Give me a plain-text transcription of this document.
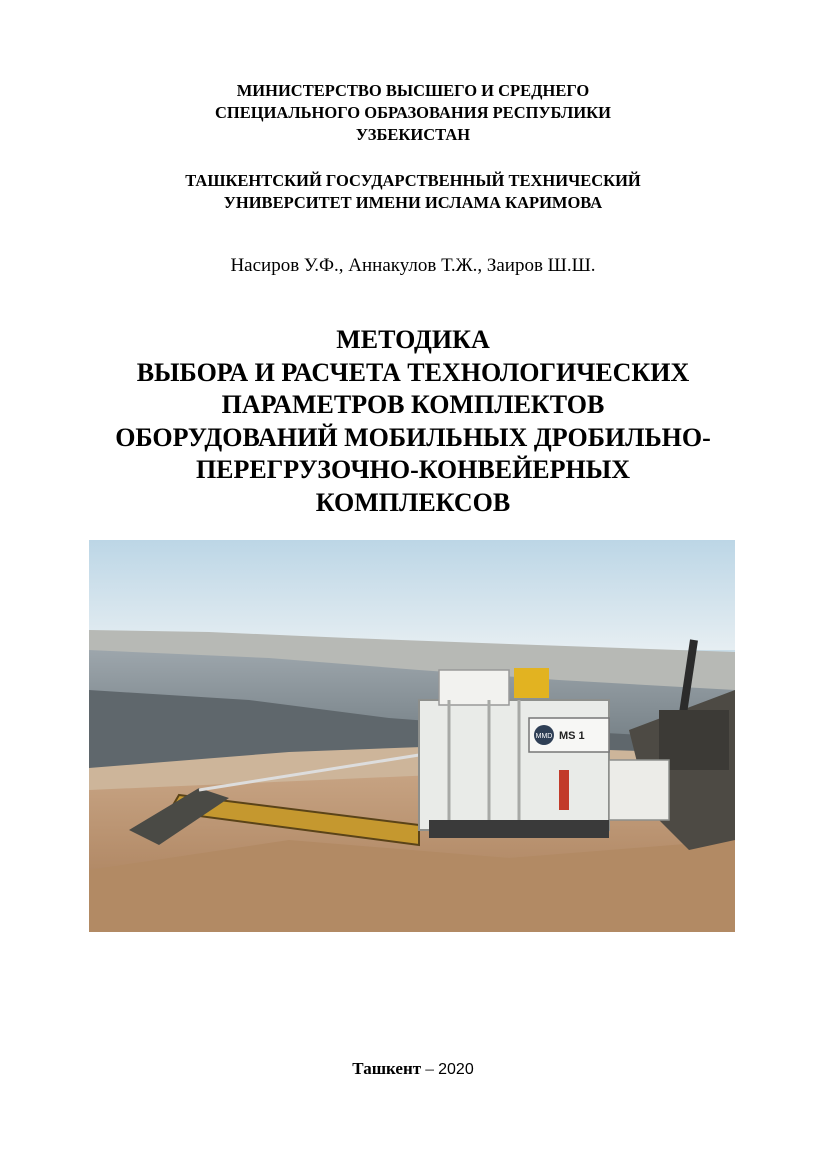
МИНИСТЕРСТВО ВЫСШЕГО И СРЕДНЕГО
СПЕЦИАЛЬНОГО ОБРАЗОВАНИЯ РЕСПУБЛИКИ
УЗБЕКИСТАН
ТАШКЕНТСКИЙ ГОСУДАРСТВЕННЫЙ ТЕХНИЧЕСКИЙ
УНИВЕРСИТЕТ ИМЕНИ ИСЛАМА КАРИМОВА
Насиров У.Ф., Аннакулов Т.Ж., Заиров Ш.Ш.
МЕТОДИКА
ВЫБОРА И РАСЧЕТА ТЕХНОЛОГИЧЕСКИХ
ПАРАМЕТРОВ КОМПЛЕКТОВ
ОБОРУДОВАНИЙ МОБИЛЬНЫХ ДРОБИЛЬНО-
ПЕРЕГРУЗОЧНО-КОНВЕЙЕРНЫХ
КОМПЛЕКСОВ
MMD MS 1
Ташкент – 2020
